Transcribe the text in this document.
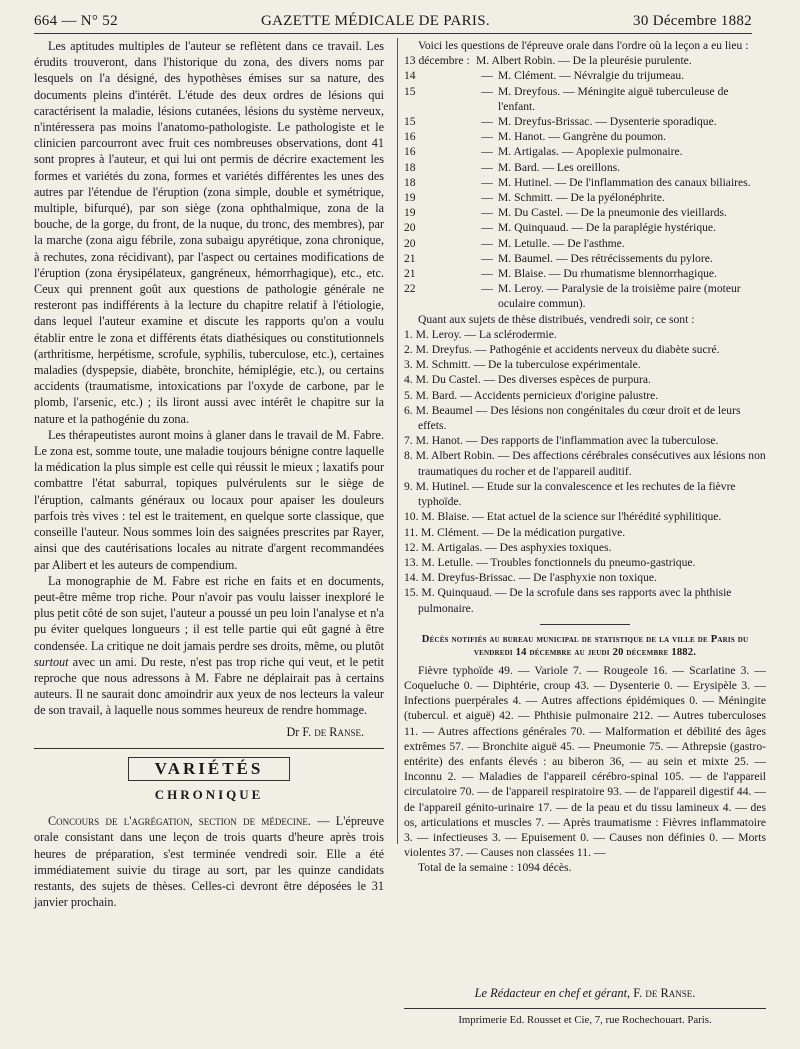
664 — N° 52	GAZETTE MÉDICALE DE PARIS.	30 Décembre 1882

Les aptitudes multiples de l'auteur se reflètent dans ce travail. Les érudits trouveront, dans l'historique du zona, des divers noms par lesquels on l'a désigné, des hypothèses émises sur sa nature, des documents pleins d'intérêt. L'étude des deux ordres de lésions qui caractérisent la maladie, lésions cutanées, lésions du système nerveux, n'intéressera pas moins l'anatomo-pathologiste. Le pathologiste et le clinicien parcourront avec fruit ces nombreuses observations, dont 41 sont propres à l'auteur, et qui lui ont permis de décrire exactement les formes et variétés du zona, formes et variétés différentes les unes des autres par l'étendue de l'éruption (zona simple, double et symétrique, multiple, bifurqué), par son siège (zona ophthalmique, zona de la bouche, de la gorge, du front, de la nuque, du tronc, des membres), par la marche (zona aigu fébrile, zona subaigu apyrétique, zona chronique, à rechutes, zona récidivant), par l'aspect ou certaines modifications de l'éruption (zona érysipélateux, gangréneux, hémorrhagique), etc., etc. Ceux qui prennent goût aux questions de pathologie générale ne resteront pas indifférents à la lecture du chapitre relatif à l'étiologie, dans lequel l'auteur examine et discute les rapports qu'on a voulu établir entre le zona et différents états diathésiques ou constitutionnels (arthritisme, herpétisme, scrofule, syphilis, tuberculose, etc.), certaines maladies (dyspepsie, diabète, bronchite, hémiplégie, etc.), ou certains accidents (traumatisme, intoxications par l'oxyde de carbone, par le plomb, l'arsenic, etc.) ; ils liront aussi avec intérêt le chapitre sur la nature et la pathogénie du zona.

Les thérapeutistes auront moins à glaner dans le travail de M. Fabre. Le zona est, somme toute, une maladie toujours bénigne contre laquelle la médication la plus simple est celle qui réussit le mieux ; laxatifs pour combattre l'état saburral, topiques pulvérulents sur le siège de l'éruption, calmants généraux ou locaux pour apaiser les douleurs parfois très vives : tel est le traitement, en quelque sorte classique, que conseille l'auteur. Nous sommes loin des saignées prescrites par Rayer, ainsi que des cautérisations locales au nitrate d'argent recommandées par Alibert et les auteurs de compendium.

La monographie de M. Fabre est riche en faits et en documents, peut-être même trop riche. Pour n'avoir pas voulu laisser inexploré le plus petit côté de son sujet, l'auteur a poussé un peu loin l'analyse et n'a pu éviter quelques longueurs ; il est telle partie qui eût gagné à être condensée. La critique ne doit jamais perdre ses droits, même, ou plutôt surtout avec un ami. Du reste, n'est pas trop riche qui veut, et le petit reproche que nous adressons à M. Fabre ne déplairait pas à certains auteurs. Il ne saurait donc amoindrir aux yeux de nos lecteurs la valeur de son travail, à laquelle nous sommes heureux de rendre hommage.

Dr F. de Ranse.

VARIÉTÉS
CHRONIQUE

Concours de l'agrégation, section de médecine. — L'épreuve orale consistant dans une leçon de trois quarts d'heure après trois heures de préparation, s'est terminée vendredi soir. Elle a été immédiatement suivie du tirage au sort, par les quinze candidats restants, des sujets de thèses. Celles-ci devront être déposées le 31 janvier prochain.

Voici les questions de l'épreuve orale dans l'ordre où la leçon a eu lieu :

13 décembre : M. Albert Robin. — De la pleurésie purulente.
14	— M. Clément. — Névralgie du trijumeau.
15	— M. Dreyfous. — Méningite aiguë tuberculeuse de l'enfant.
15	— M. Dreyfus-Brissac. — Dysenterie sporadique.
16	— M. Hanot. — Gangrène du poumon.
16	— M. Artigalas. — Apoplexie pulmonaire.
18	— M. Bard. — Les oreillons.
18	— M. Hutinel. — De l'inflammation des canaux biliaires.
19	— M. Schmitt. — De la pyélonéphrite.
19	— M. Du Castel. — De la pneumonie des vieillards.
20	— M. Quinquaud. — De la paraplégie hystérique.
20	— M. Letulle. — De l'asthme.
21	— M. Baumel. — Des rétrécissements du pylore.
21	— M. Blaise. — Du rhumatisme blennorrhagique.
22	— M. Leroy. — Paralysie de la troisième paire (moteur oculaire commun).

Quant aux sujets de thèse distribués, vendredi soir, ce sont :

1. M. Leroy. — La sclérodermie.

2. M. Dreyfus. — Pathogénie et accidents nerveux du diabète sucré.

3. M. Schmitt. — De la tuberculose expérimentale.

4. M. Du Castel. — Des diverses espèces de purpura.

5. M. Bard. — Accidents pernicieux d'origine palustre.

6. M. Beaumel — Des lésions non congénitales du cœur droit et de leurs effets.

7. M. Hanot. — Des rapports de l'inflammation avec la tuberculose.

8. M. Albert Robin. — Des affections cérébrales consécutives aux lésions non traumatiques du rocher et de l'appareil auditif.

9. M. Hutinel. — Etude sur la convalescence et les rechutes de la fièvre typhoïde.

10. M. Blaise. — Etat actuel de la science sur l'hérédité syphilitique.

11. M. Clément. — De la médication purgative.

12. M. Artigalas. — Des asphyxies toxiques.

13. M. Letulle. — Troubles fonctionnels du pneumo-gastrique.

14. M. Dreyfus-Brissac. — De l'asphyxie non toxique.

15. M. Quinquaud. — De la scrofule dans ses rapports avec la phthisie pulmonaire.

Décès notifiés au bureau municipal de statistique de la ville de Paris du vendredi 14 décembre au jeudi 20 décembre 1882.

Fièvre typhoïde 49. — Variole 7. — Rougeole 16. — Scarlatine 3. — Coqueluche 0. — Diphtérie, croup 43. — Dysenterie 0. — Erysipèle 3. — Infections puerpérales 4. — Autres affections épidémiques 0. — Méningite (tubercul. et aiguë) 42. — Phthisie pulmonaire 212. — Autres tuberculoses 11. — Autres affections générales 70. — Malformation et débilité des âges extrêmes 57. — Bronchite aiguë 45. — Pneumonie 75. — Athrepsie (gastro-entérite) des enfants élevés : au biberon 36, — au sein et mixte 25. — Inconnu 2. — Maladies de l'appareil cérébro-spinal 105. — de l'appareil circulatoire 70. — de l'appareil respiratoire 93. — de l'appareil digestif 44. — de l'appareil génito-urinaire 17. — de la peau et du tissu lamineux 4. — des os, articulations et muscles 7. — Après traumatisme : Fièvres inflammatoire 3. — infectieuses 3. — Epuisement 0. — Causes non définies 0. — Morts violentes 37. — Causes non classées 11. —

Total de la semaine : 1094 décès.

Le Rédacteur en chef et gérant, F. de Ranse.
Imprimerie Ed. Rousset et Cie, 7, rue Rochechouart. Paris.
